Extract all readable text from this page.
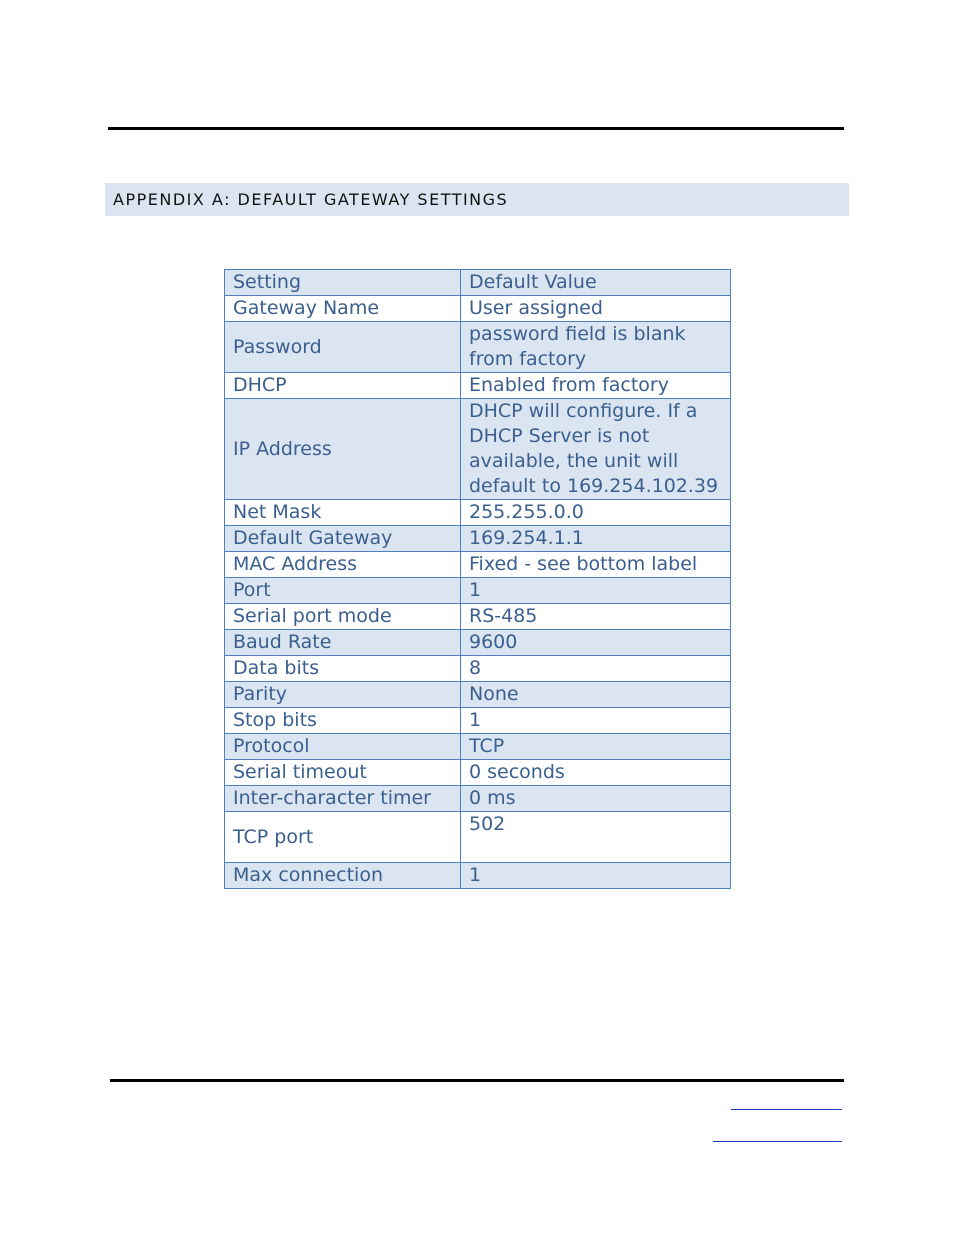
APPENDIX A: DEFAULT GATEWAY SETTINGS
Setting	Default Value
Gateway Name	User assigned
Password	password field is blank from factory
DHCP	Enabled from factory
IP Address	DHCP will configure. If a DHCP Server is not available, the unit will default to 169.254.102.39
Net Mask	255.255.0.0
Default Gateway	169.254.1.1
MAC Address	Fixed - see bottom label
Port	1
Serial port mode	RS-485
Baud Rate	9600
Data bits	8
Parity	None
Stop bits	1
Protocol	TCP
Serial timeout	0 seconds
Inter-character timer	0 ms
TCP port	502
Max connection	1
